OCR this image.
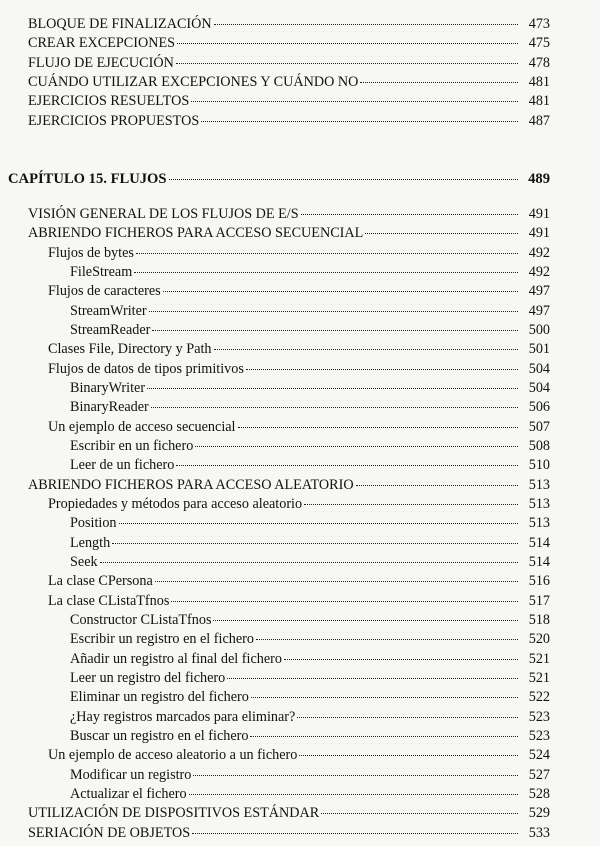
BLOQUE DE FINALIZACIÓN	473
CREAR EXCEPCIONES	475
FLUJO DE EJECUCIÓN	478
CUÁNDO UTILIZAR EXCEPCIONES Y CUÁNDO NO	481
EJERCICIOS RESUELTOS	481
EJERCICIOS PROPUESTOS	487
CAPÍTULO 15. FLUJOS	489
VISIÓN GENERAL DE LOS FLUJOS DE E/S	491
ABRIENDO FICHEROS PARA ACCESO SECUENCIAL	491
Flujos de bytes	492
FileStream	492
Flujos de caracteres	497
StreamWriter	497
StreamReader	500
Clases File, Directory y Path	501
Flujos de datos de tipos primitivos	504
BinaryWriter	504
BinaryReader	506
Un ejemplo de acceso secuencial	507
Escribir en un fichero	508
Leer de un fichero	510
ABRIENDO FICHEROS PARA ACCESO ALEATORIO	513
Propiedades y métodos para acceso aleatorio	513
Position	513
Length	514
Seek	514
La clase CPersona	516
La clase CListaTfnos	517
Constructor CListaTfnos	518
Escribir un registro en el fichero	520
Añadir un registro al final del fichero	521
Leer un registro del fichero	521
Eliminar un registro del fichero	522
¿Hay registros marcados para eliminar?	523
Buscar un registro en el fichero	523
Un ejemplo de acceso aleatorio a un fichero	524
Modificar un registro	527
Actualizar el fichero	528
UTILIZACIÓN DE DISPOSITIVOS ESTÁNDAR	529
SERIACIÓN DE OBJETOS	533
